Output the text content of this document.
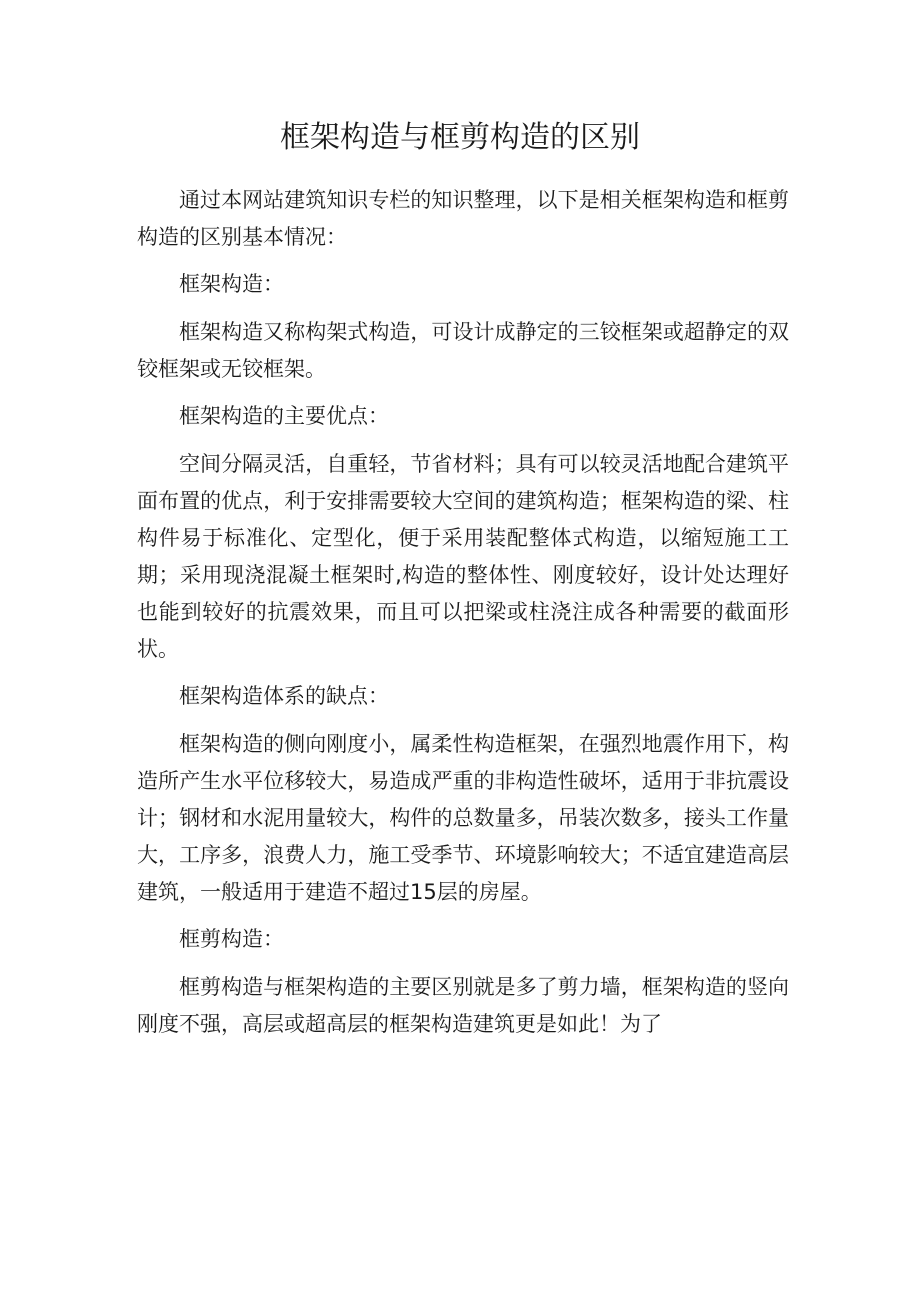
框架构造与框剪构造的区别

通过本网站建筑知识专栏的知识整理，以下是相关框架构造和框剪构造的区别基本情况：

框架构造：

框架构造又称构架式构造，可设计成静定的三铰框架或超静定的双铰框架或无铰框架。

框架构造的主要优点：

空间分隔灵活，自重轻，节省材料；具有可以较灵活地配合建筑平面布置的优点，利于安排需要较大空间的建筑构造；框架构造的梁、柱构件易于标准化、定型化，便于采用装配整体式构造，以缩短施工工期；采用现浇混凝土框架时,构造的整体性、刚度较好，设计处达理好也能到较好的抗震效果，而且可以把梁或柱浇注成各种需要的截面形状。

框架构造体系的缺点：

框架构造的侧向刚度小，属柔性构造框架，在强烈地震作用下，构造所产生水平位移较大，易造成严重的非构造性破坏，适用于非抗震设计；钢材和水泥用量较大，构件的总数量多，吊装次数多，接头工作量大，工序多，浪费人力，施工受季节、环境影响较大；不适宜建造高层建筑，一般适用于建造不超过15层的房屋。

框剪构造：

框剪构造与框架构造的主要区别就是多了剪力墙，框架构造的竖向刚度不强，高层或超高层的框架构造建筑更是如此！为了
